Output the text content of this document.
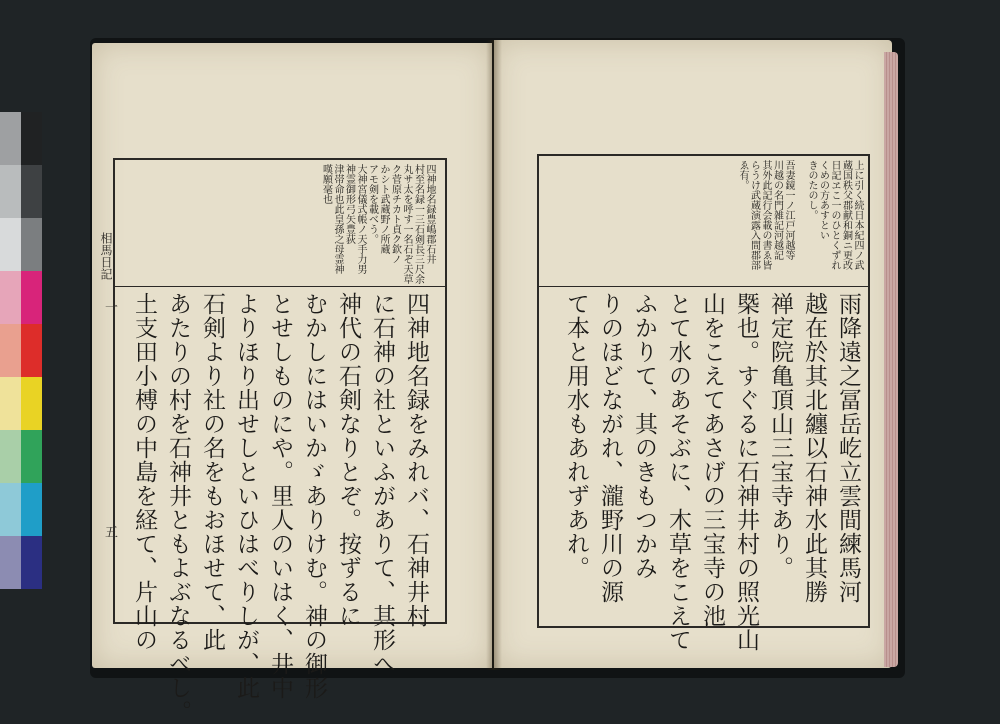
相馬日記
一
五
四神地名録豊嶋郡石井
村至名録一三石剣長三尺余
丸サ太を呼す一名石ぞ天草
ク菅原チカト貞ク欽ノ
かシト武蔵野ノ所蔵
アモ剣を載べう。
大神宮儀式帳ノ天手力男
神霊御形弓矢豊荻
津帯命也此皇孫之母霊神
嘆願毫也
四神地名録をみれバ、石神井村
に石神の社といふがありて、其形へ
神代の石剣なりとぞ。按ずるに
むかしにはいかゞありけむ。神の御形
とせしものにや。里人のいはく、井中
よりほり出せしといひはべりしが、此
石剣より社の名をもおほせて、此
あたりの村を石神井ともよぶなるべし。
土支田小榑の中島を経て、片山の
上に引く続日本紀四ノ武
蔵国秩父郡献和銅ニ更改
日記ヱこ一のひとくずれ
くめの方あすとい
きのたのし。
吾妻鏡一ノ江戸河越等
川越の名門雑記河越記
其外此記行会載の書ゑ皆
らうけ武蔵演露入間郡部
ゑ有。
雨降遠之冨岳屹立雲間練馬河
越在於其北纏以石神水此其勝
禅定院亀頂山三宝寺あり。
槩也。すぐるに石神井村の照光山
山をこえてあさげの三宝寺の池
とて水のあそぶに、木草をこえて
ふかりて、其のきもつかみ
りのほどながれ、瀧野川の源
て本と用水もあれずあれ。
